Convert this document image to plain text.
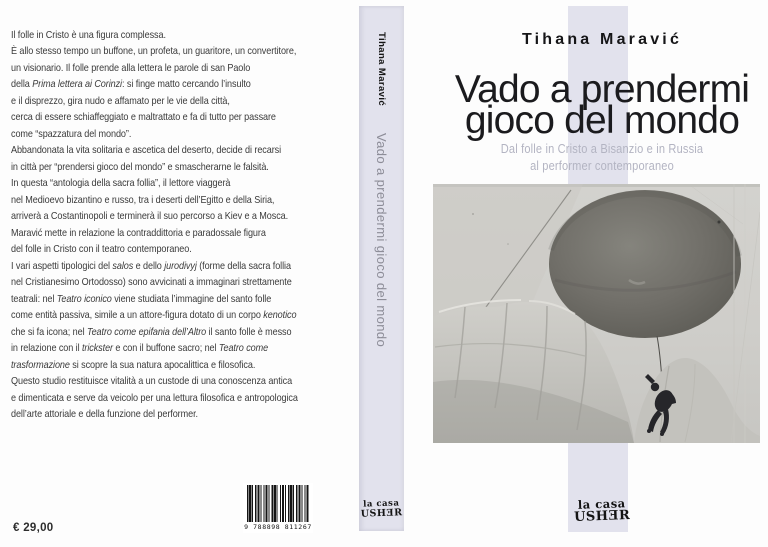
Il folle in Cristo è una figura complessa.
È allo stesso tempo un buffone, un profeta, un guaritore, un convertitore,
un visionario. Il folle prende alla lettera le parole di san Paolo
della Prima lettera ai Corinzi: si finge matto cercando l’insulto
e il disprezzo, gira nudo e affamato per le vie della città,
cerca di essere schiaffeggiato e maltrattato e fa di tutto per passare
come “spazzatura del mondo”.
Abbandonata la vita solitaria e ascetica del deserto, decide di recarsi
in città per “prendersi gioco del mondo” e smascherarne le falsità.
In questa “antologia della sacra follia”, il lettore viaggerà
nel Medioevo bizantino e russo, tra i deserti dell’Egitto e della Siria,
arriverà a Costantinopoli e terminerà il suo percorso a Kiev e a Mosca.
Maravić mette in relazione la contraddittoria e paradossale figura
del folle in Cristo con il teatro contemporaneo.
I vari aspetti tipologici del salos e dello jurodivyj (forme della sacra follia
nel Cristianesimo Ortodosso) sono avvicinati a immaginari strettamente
teatrali: nel Teatro iconico viene studiata l’immagine del santo folle
come entità passiva, simile a un attore-figura dotato di un corpo kenotico
che si fa icona; nel Teatro come epifania dell’Altro il santo folle è messo
in relazione con il trickster e con il buffone sacro; nel Teatro come
trasformazione si scopre la sua natura apocalittica e filosofica.
Questo studio restituisce vitalità a un custode di una conoscenza antica
e dimenticata e serve da veicolo per una lettura filosofica e antropologica
dell’arte attoriale e della funzione del performer.
€ 29,00	9 788898 811267
Tihana Maravić
Vado a prendermi gioco del mondo
la casa
USHƎR
Tihana Maravić
Vado a prendermi
gioco del mondo
Dal folle in Cristo a Bisanzio e in Russia
al performer contemporaneo
la casa
USHƎR
